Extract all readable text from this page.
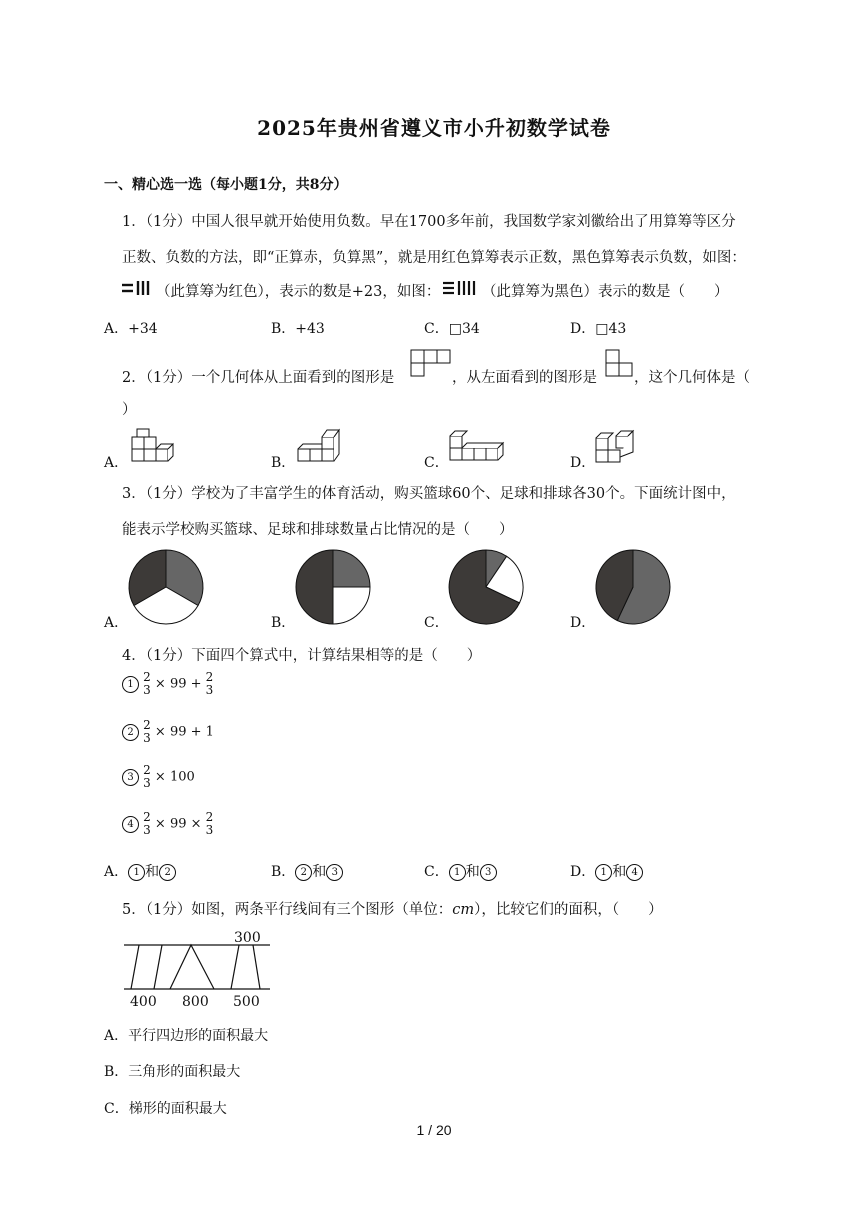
2025年贵州省遵义市小升初数学试卷
一、精心选一选（每小题1分，共8分）
1．（1分）中国人很早就开始使用负数。早在1700多年前，我国数学家刘徽给出了用算筹等区分
正数、负数的方法，即“正算赤，负算黑”，就是用红色算筹表示正数，黑色算筹表示负数，如图：
（此算筹为红色），表示的数是+23，如图：	（此算筹为黑色）表示的数是（　　）
A．+34	B．+43	C．□34	D．□43
2．（1分）一个几何体从上面看到的图形是	，从左面看到的图形是	，这个几何体是（
）
A．	B．	C．	D．
3．（1分）学校为了丰富学生的体育活动，购买篮球60个、足球和排球各30个。下面统计图中，
能表示学校购买篮球、足球和排球数量占比情况的是（　　）
A．	B．	C．	D．
4．（1分）下面四个算式中，计算结果相等的是（　　）
1 2
3 × 99 + 2
3
2 2
3 × 99 + 1
3 2
3 × 100
4 2
3 × 99 × 2
3
A． 1 和 2	B． 2 和 3	C． 1 和 3	D． 1 和 4
5．（1分）如图，两条平行线间有三个图形（单位：cm），比较它们的面积，（　　）
300
400 800 500
A．平行四边形的面积最大
B．三角形的面积最大
C．梯形的面积最大
1 / 20
